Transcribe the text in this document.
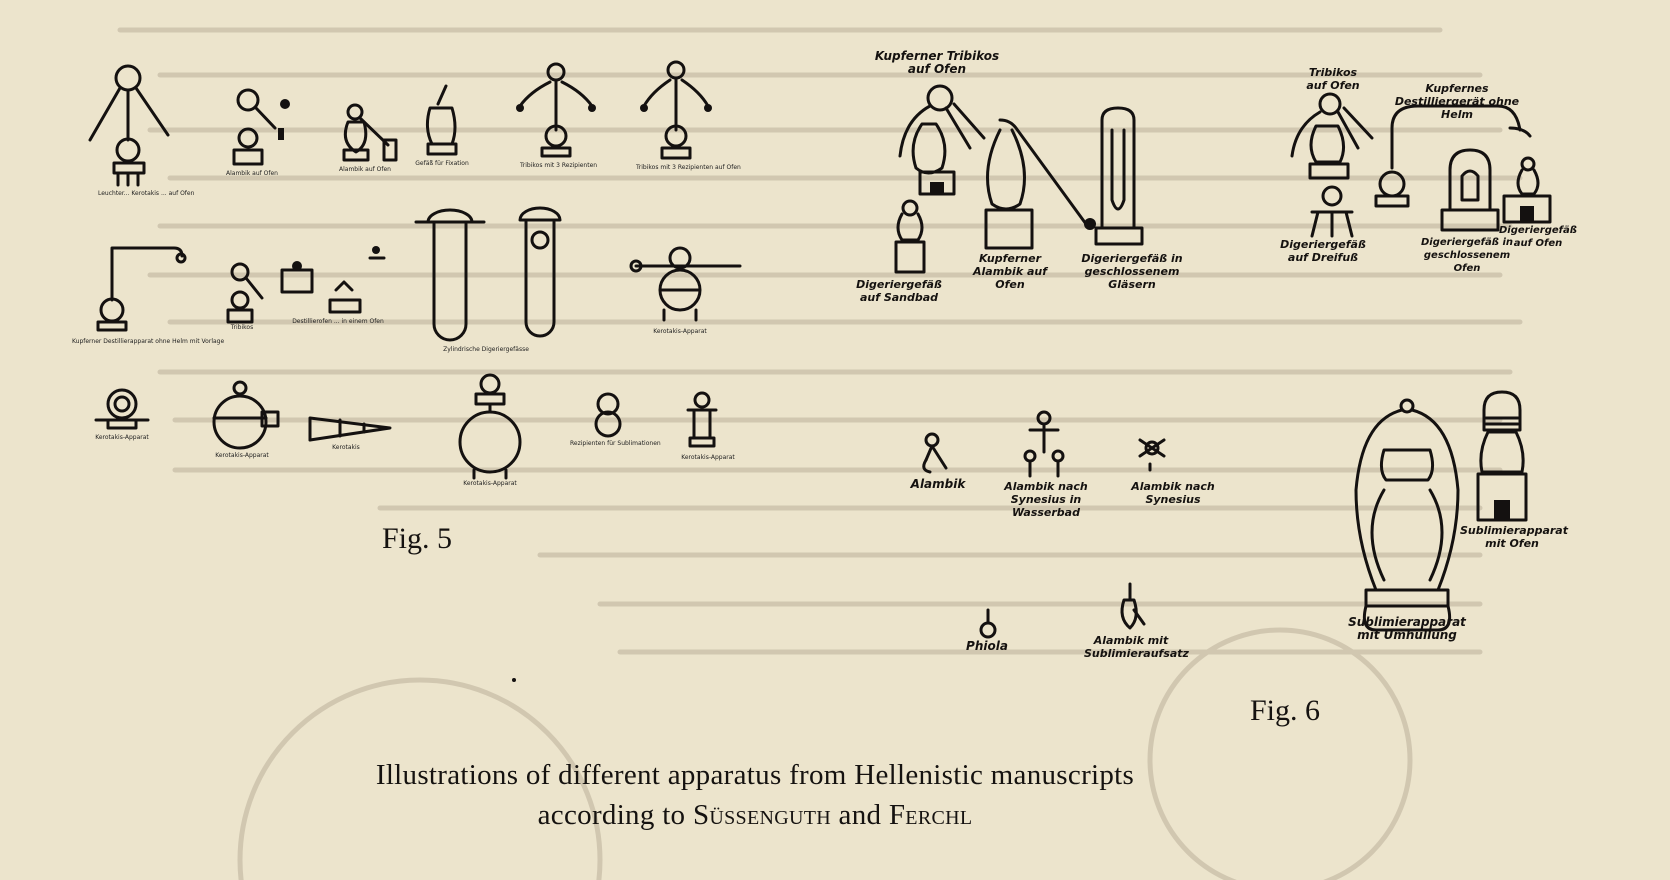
Leuchter... Kerotakis ... auf Ofen
Alambik auf Ofen
Alambik auf Ofen
Gefäß für Fixation	Tribikos mit 3 Rezipienten	Tribikos mit 3 Rezipienten auf Ofen
Kupferner Destillierapparat ohne Helm mit Vorlage
Tribikos
Destillierofen ... in einem Ofen
Zylindrische Digeriergefässe
Kerotakis-Apparat
Kerotakis-Apparat
Kerotakis-Apparat
Kerotakis
Kerotakis-Apparat
Rezipienten für Sublimationen
Kerotakis-Apparat
Fig. 5
Kupferner Tribikos auf Ofen
Kupferner Alambik auf Ofen
Digeriergefäß in geschlossenem Gläsern
Digeriergefäß auf Sandbad
Tribikos auf Ofen	Kupfernes Destilliergerät ohne Helm
Digeriergefäß auf Dreifuß
Digeriergefäß in geschlossenem Ofen
Digeriergefäß auf Ofen
Alambik	Alambik nach Synesius in Wasserbad
Alambik nach Synesius
Phiola	Alambik mit Sublimieraufsatz
Sublimierapparat mit Ofen
Sublimierapparat mit Umhüllung
Fig. 6
Illustrations of different apparatus from Hellenistic manuscripts
according to Süssenguth and Ferchl
